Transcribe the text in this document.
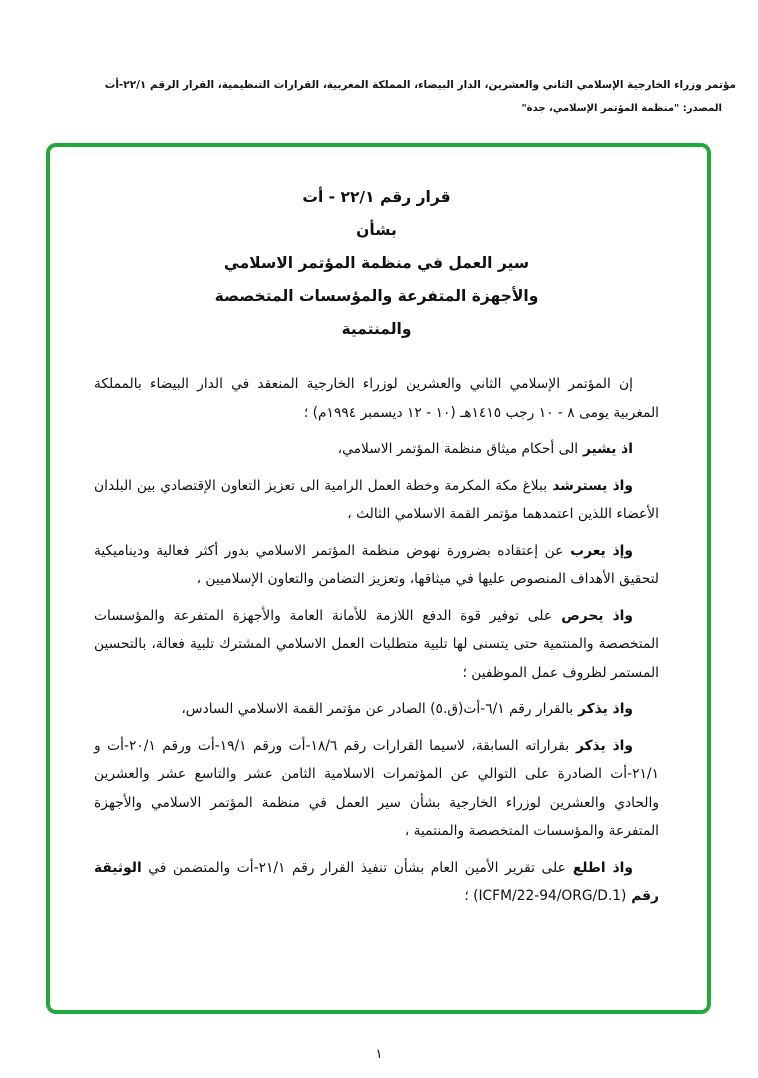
مؤتمر وزراء الخارجية الإسلامي الثاني والعشرين، الدار البيضاء، المملكة المغربية، القرارات التنظيمية، القرار الرقم ٢٢/١-أت
المصدر: "منظمة المؤتمر الإسلامي، جدة"
قرار رقم ٢٢/١ - أت
بشأن
سير العمل في منظمة المؤتمر الاسلامي
والأجهزة المتفرعة والمؤسسات المتخصصة
والمنتمية

إن المؤتمر الإسلامي الثاني والعشرين لوزراء الخارجية المنعقد في الدار البيضاء بالمملكة المغربية يومى ٨ - ١٠ رجب ١٤١٥هـ (١٠ - ١٢ ديسمبر ١٩٩٤م) ؛

اذ يشير الى أحكام ميثاق منظمة المؤتمر الاسلامي،

واذ يسترشد ببلاغ مكة المكرمة وخطة العمل الرامية الى تعزيز التعاون الإقتصادي بين البلدان الأعضاء اللذين اعتمدهما مؤتمر القمة الاسلامي الثالث ،

وإذ يعرب عن إعتقاده بضرورة نهوض منظمة المؤتمر الاسلامي بدور أكثر فعالية وديناميكية لتحقيق الأهداف المنصوص عليها في ميثاقها، وتعزيز التضامن والتعاون الإسلاميين ،

واذ يحرص على توفير قوة الدفع اللازمة للأمانة العامة والأجهزة المتفرعة والمؤسسات المتخصصة والمنتمية حتى يتسنى لها تلبية متطلبات العمل الاسلامي المشترك تلبية فعالة، بالتحسين المستمر لظروف عمل الموظفين ؛

واذ يذكر بالقرار رقم ٦/١-أت(ق.٥) الصادر عن مؤتمر القمة الاسلامي السادس،

واذ يذكر بقراراته السابقة، لاسيما القرارات رقم ١٨/٦-أت ورقم ١٩/١-أت ورقم ٢٠/١-أت و ٢١/١-أت الصادرة على التوالي عن المؤتمرات الاسلامية الثامن عشر والتاسع عشر والعشرين والحادي والعشرين لوزراء الخارجية بشأن سير العمل في منظمة المؤتمر الاسلامي والأجهزة المتفرعة والمؤسسات المتخصصة والمنتمية ،

واذ اطلع على تقرير الأمين العام بشأن تنفيذ القرار رقم ٢١/١-أت والمتضمن في الوثيقة رقم (‎ICFM/22-94/ORG/D.1‎) ؛

١
